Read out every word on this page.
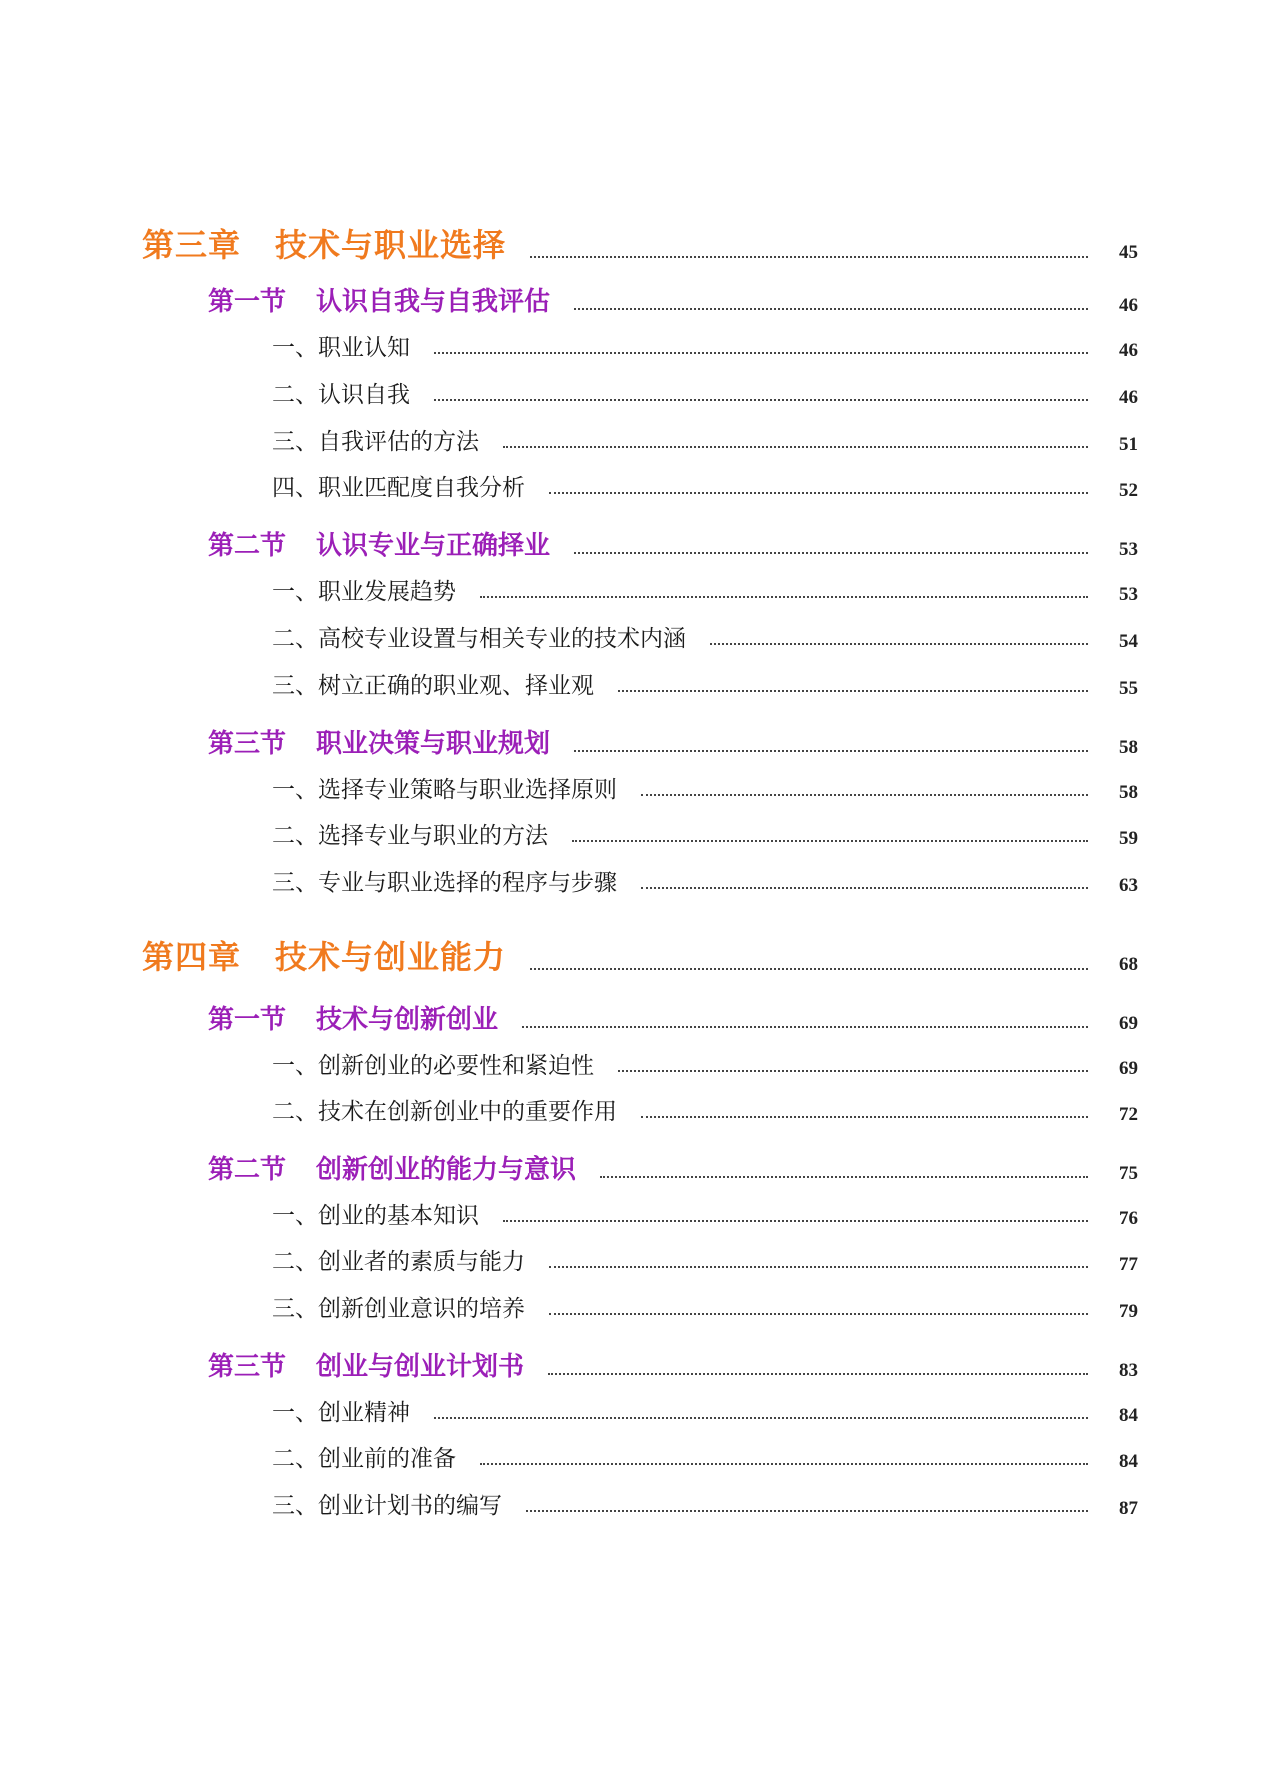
第三章 技术与职业选择	45
第一节 认识自我与自我评估	46
一、职业认知	46
二、认识自我	46
三、自我评估的方法	51
四、职业匹配度自我分析	52
第二节 认识专业与正确择业	53
一、职业发展趋势	53
二、高校专业设置与相关专业的技术内涵	54
三、树立正确的职业观、择业观	55
第三节 职业决策与职业规划	58
一、选择专业策略与职业选择原则	58
二、选择专业与职业的方法	59
三、专业与职业选择的程序与步骤	63
第四章 技术与创业能力	68
第一节 技术与创新创业	69
一、创新创业的必要性和紧迫性	69
二、技术在创新创业中的重要作用	72
第二节 创新创业的能力与意识	75
一、创业的基本知识	76
二、创业者的素质与能力	77
三、创新创业意识的培养	79
第三节 创业与创业计划书	83
一、创业精神	84
二、创业前的准备	84
三、创业计划书的编写	87
